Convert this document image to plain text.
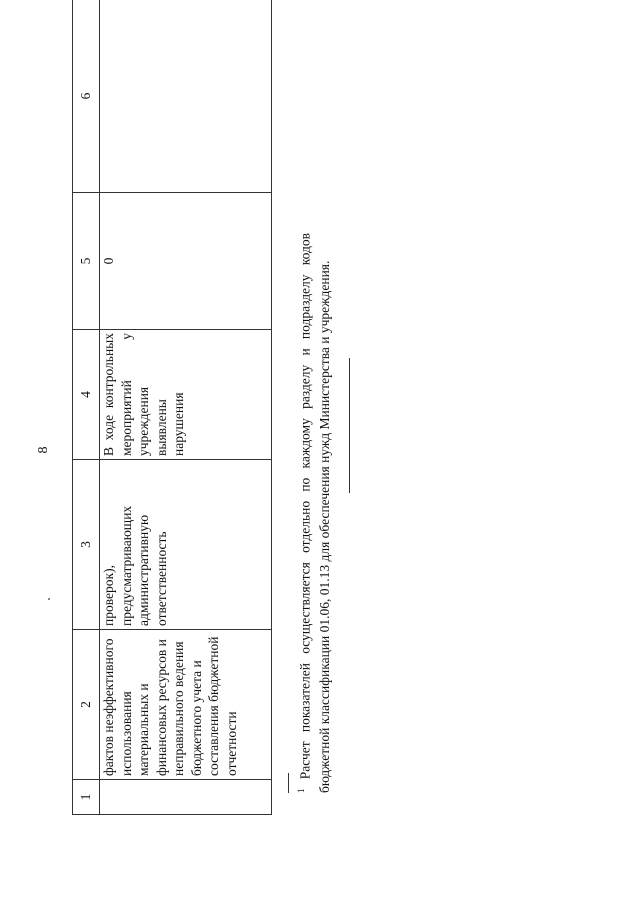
8
1	2	3	4	5	6
	фактов неэффективного использования материальных и финансовых ресурсов и неправильного ведения бюджетного учета и составления бюджетной отчетности	проверок), предусматривающих административную ответственность	В ходе контрольных мероприятий у учреждения выявлены нарушения	0	
$^1$ Расчет показателей осуществляется отдельно по каждому разделу и подразделу кодов бюджетной классификации 01.06, 01.13 для обеспечения нужд Министерства и учреждения.
